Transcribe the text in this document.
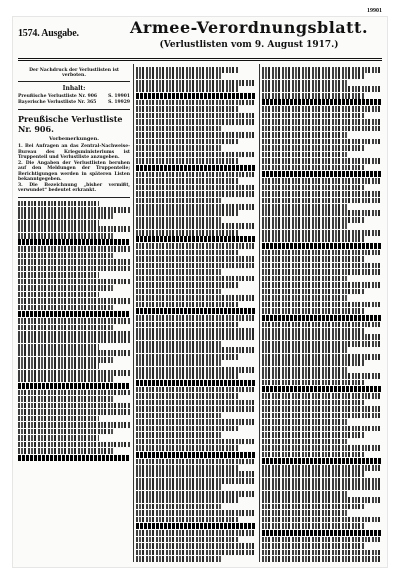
19901
1574. Ausgabe.	Armee-Verordnungsblatt.
(Verlustlisten vom 9. August 1917.)
Der Nachdruck der Verlustlisten ist verboten.
Inhalt:
Preußische Verlustliste Nr. 906 S. 19901
Bayerische Verlustliste Nr. 365	S. 19929
Preußische Verlustliste Nr. 906.
Vorbemerkungen.
1. Bei Anfragen an das Zentral-Nachweise-Bureau des Kriegsministeriums ist Truppenteil und Verlustliste anzugeben.
2. Die Angaben der Verlustlisten beruhen auf den Meldungen der Truppenteile; Berichtigungen werden in späteren Listen bekanntgegeben.
3. Die Bezeichnung „bisher vermißt, verwundet“ bedeutet erkrankt.
